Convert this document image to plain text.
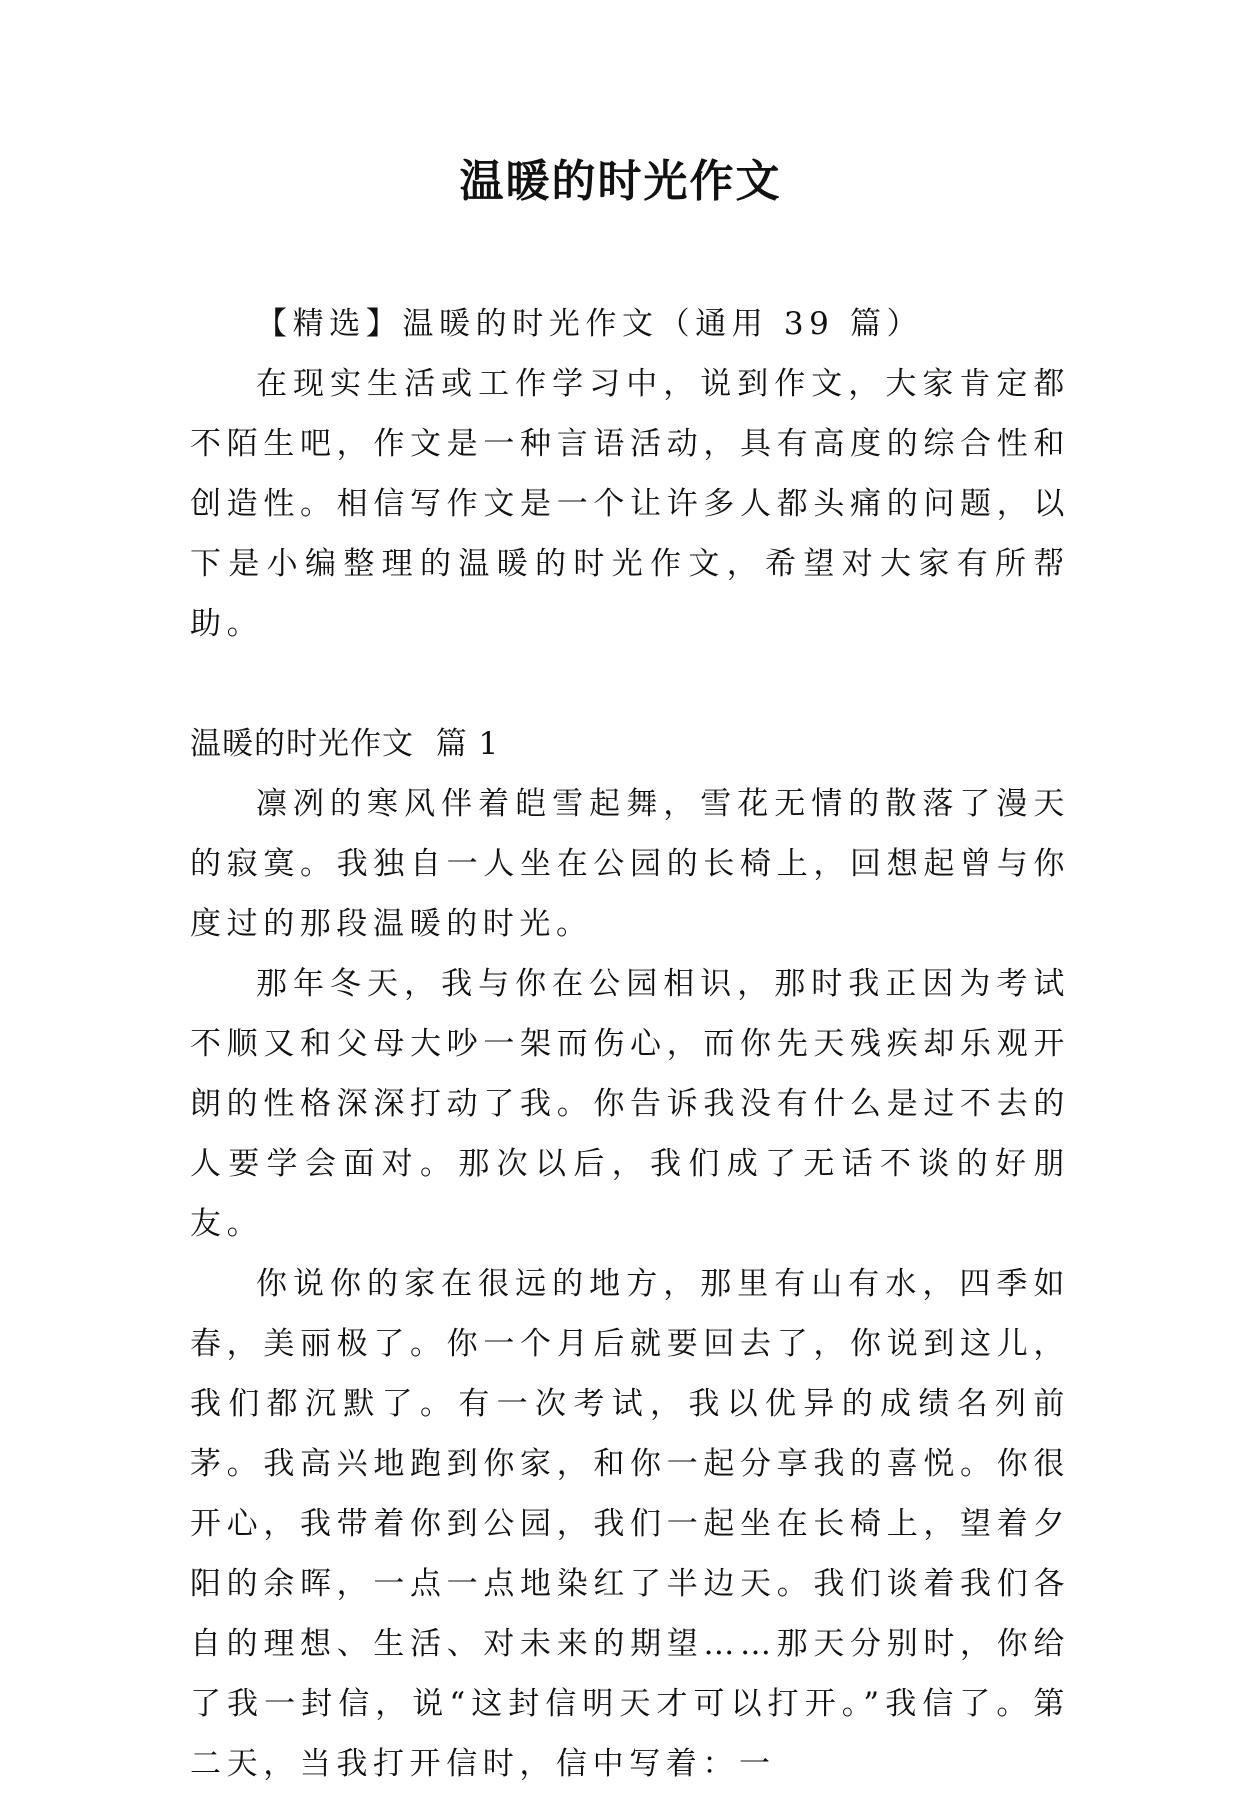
温暖的时光作文

【精选】温暖的时光作文（通用 39 篇）

在现实生活或工作学习中，说到作文，大家肯定都不陌生吧，作文是一种言语活动，具有高度的综合性和创造性。相信写作文是一个让许多人都头痛的问题，以下是小编整理的温暖的时光作文，希望对大家有所帮助。

温暖的时光作文  篇 1

凛冽的寒风伴着皑雪起舞，雪花无情的散落了漫天的寂寞。我独自一人坐在公园的长椅上，回想起曾与你度过的那段温暖的时光。

那年冬天，我与你在公园相识，那时我正因为考试不顺又和父母大吵一架而伤心，而你先天残疾却乐观开朗的性格深深打动了我。你告诉我没有什么是过不去的人要学会面对。那次以后，我们成了无话不谈的好朋友。

你说你的家在很远的地方，那里有山有水，四季如春，美丽极了。你一个月后就要回去了，你说到这儿，我们都沉默了。有一次考试，我以优异的成绩名列前茅。我高兴地跑到你家，和你一起分享我的喜悦。你很开心，我带着你到公园，我们一起坐在长椅上，望着夕阳的余晖，一点一点地染红了半边天。我们谈着我们各自的理想、生活、对未来的期望……那天分别时，你给了我一封信，说“这封信明天才可以打开。”我信了。第二天，当我打开信时，信中写着：一
